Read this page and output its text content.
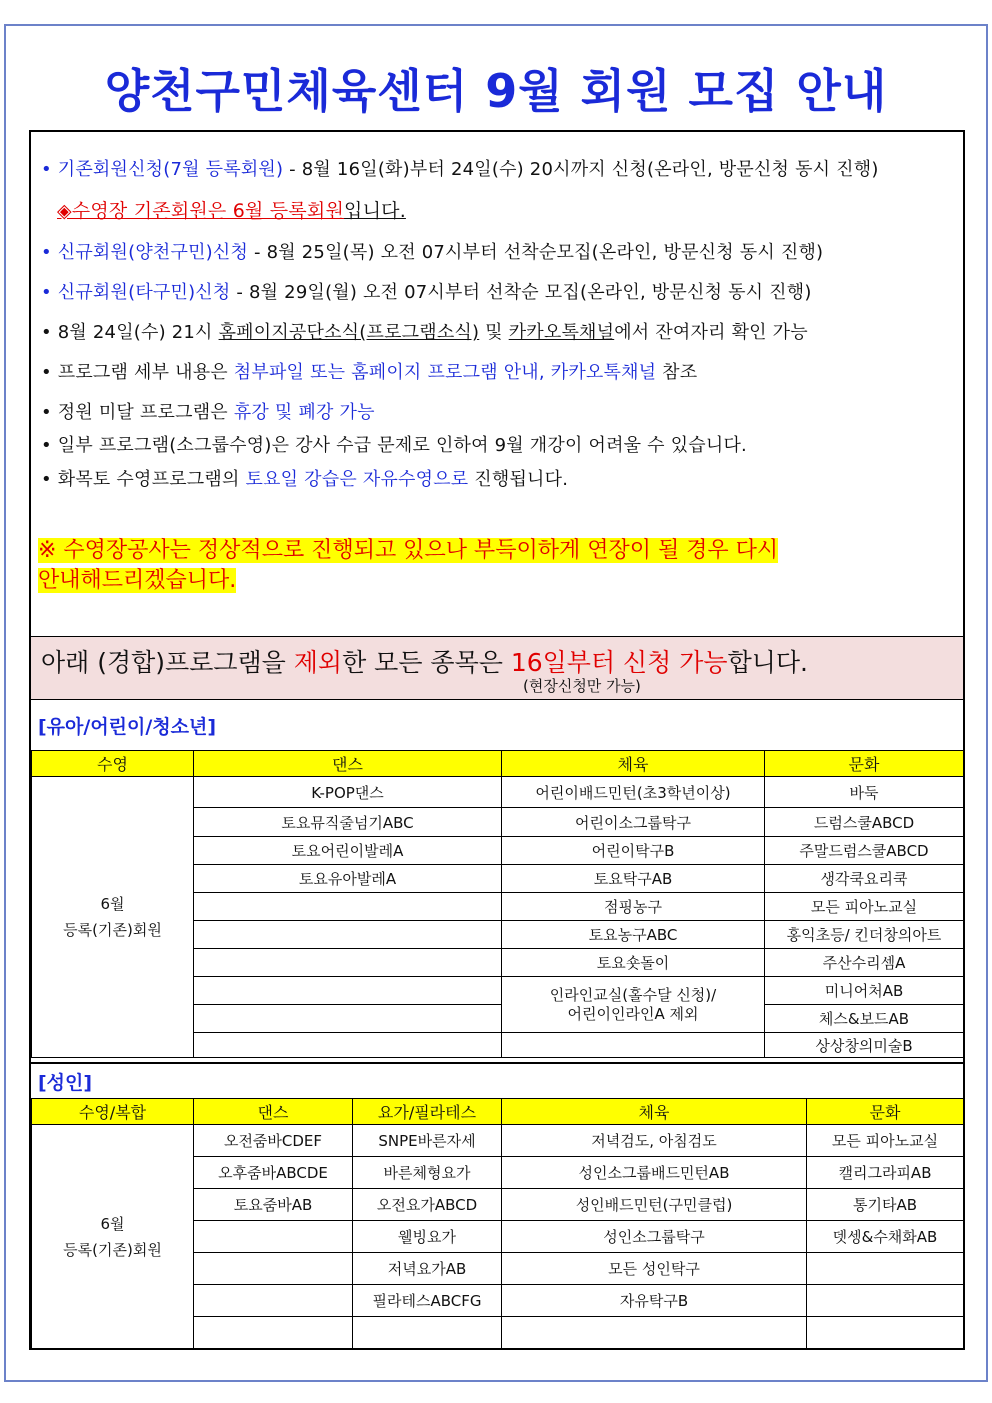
양천구민체육센터 9월 회원 모집 안내
• 기존회원신청(7월 등록회원) - 8월 16일(화)부터 24일(수) 20시까지 신청(온라인, 방문신청 동시 진행)
◈수영장 기존회원은 6월 등록회원입니다.
• 신규회원(양천구민)신청 - 8월 25일(목) 오전 07시부터 선착순모집(온라인, 방문신청 동시 진행)
• 신규회원(타구민)신청 - 8월 29일(월) 오전 07시부터 선착순 모집(온라인, 방문신청 동시 진행)
• 8월 24일(수) 21시 홈페이지공단소식(프로그램소식) 및 카카오톡채널에서 잔여자리 확인 가능
• 프로그램 세부 내용은 첨부파일 또는 홈페이지 프로그램 안내, 카카오톡채널 참조
• 정원 미달 프로그램은 휴강 및 폐강 가능
• 일부 프로그램(소그룹수영)은 강사 수급 문제로 인하여 9월 개강이 어려울 수 있습니다.
• 화목토 수영프로그램의 토요일 강습은 자유수영으로 진행됩니다.
※ 수영장공사는 정상적으로 진행되고 있으나 부득이하게 연장이 될 경우 다시
안내해드리겠습니다.
아래 (경합)프로그램을 제외한 모든 종목은 16일부터 신청 가능합니다.
(현장신청만 가능)
[유아/어린이/청소년]
수영	댄스	체육	문화

6월
등록(기존)회원	K-POP댄스	어린이배드민턴(초3학년이상)	바둑
	토요뮤직줄넘기ABC	어린이소그룹탁구	드럼스쿨ABCD
	토요어린이발레A	어린이탁구B	주말드럼스쿨ABCD
	토요유아발레A	토요탁구AB	생각쿡요리쿡
		점핑농구	모든 피아노교실
		토요농구ABC	홍익초등/ 킨더창의아트
		토요숏돌이	주산수리셈A

		인라인교실(홀수달 신청)/
어린이인라인A 제외	미니어처AB
			체스&보드AB
			상상창의미술B
[성인]
수영/복합	댄스	요가/필라테스	체육	문화

6월
등록(기존)회원	오전줌바CDEF	SNPE바른자세	저녁검도, 아침검도	모든 피아노교실
	오후줌바ABCDE	바른체형요가	성인소그룹배드민턴AB	캘리그라피AB
	토요줌바AB	오전요가ABCD	성인배드민턴(구민클럽)	통기타AB
		웰빙요가	성인소그룹탁구	뎃셍&수채화AB
		저녁요가AB	모든 성인탁구	
		필라테스ABCFG	자유탁구B	
